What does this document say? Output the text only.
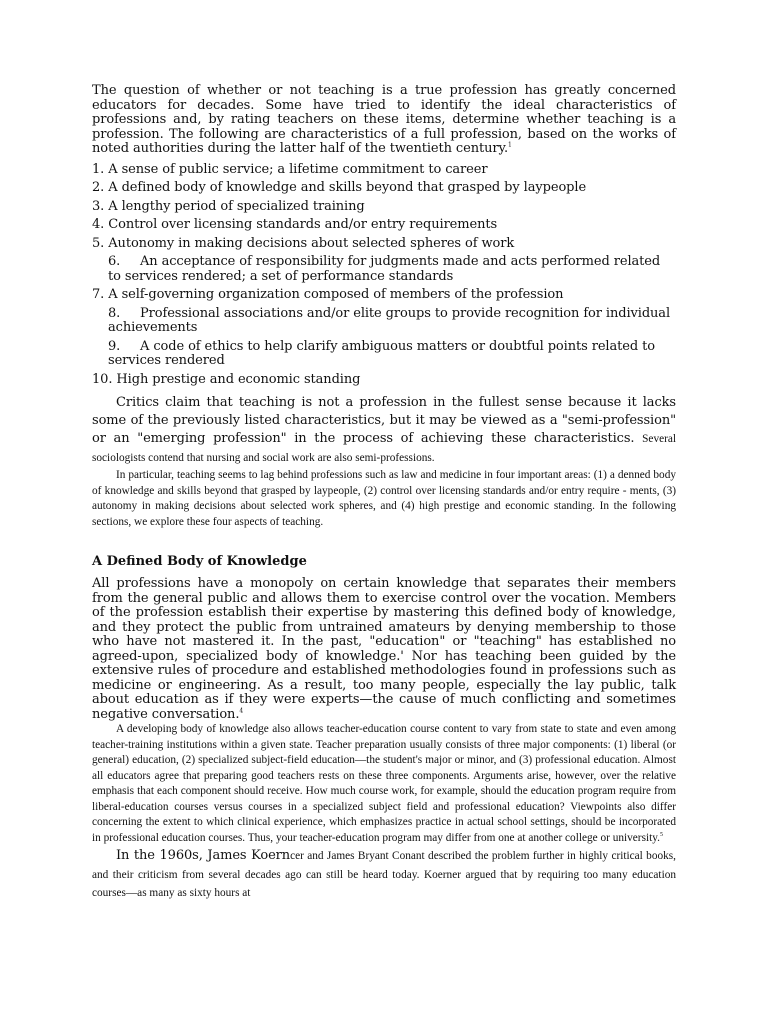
The question of whether or not teaching is a true profession has greatly concerned educators for decades. Some have tried to identify the ideal characteristics of professions and, by rating teachers on these items, determine whether teaching is a profession. The following are characteristics of a full profession, based on the works of noted authorities during the latter half of the twentieth century.$^1$

1. A sense of public service; a lifetime commitment to career
2. A defined body of knowledge and skills beyond that grasped by laypeople
3. A lengthy period of specialized training
4. Control over licensing standards and/or entry requirements
5. Autonomy in making decisions about selected spheres of work
6. An acceptance of responsibility for judgments made and acts performed related to services rendered; a set of performance standards
7. A self-governing organization composed of members of the profession
8. Professional associations and/or elite groups to provide recognition for individual achievements
9. A code of ethics to help clarify ambiguous matters or doubtful points related to services rendered
10. High prestige and economic standing

Critics claim that teaching is not a profession in the fullest sense because it lacks some of the previously listed characteristics, but it may be viewed as a "semi-profession" or an "emerging profession" in the process of achieving these characteristics. Several sociologists contend that nursing and social work are also semi-professions.

In particular, teaching seems to lag behind professions such as law and medicine in four important areas: (1) a denned body of knowledge and skills beyond that grasped by laypeople, (2) control over licensing standards and/or entry require - ments, (3) autonomy in making decisions about selected work spheres, and (4) high prestige and economic standing. In the following sections, we explore these four aspects of teaching.

A Defined Body of Knowledge

All professions have a monopoly on certain knowledge that separates their members from the general public and allows them to exercise control over the vocation. Members of the profession establish their expertise by mastering this defined body of knowledge, and they protect the public from untrained amateurs by denying membership to those who have not mastered it. In the past, "education" or "teaching" has established no agreed-upon, specialized body of knowledge.' Nor has teaching been guided by the extensive rules of procedure and established methodologies found in professions such as medicine or engineering. As a result, too many people, especially the lay public, talk about education as if they were experts—the cause of much conflicting and sometimes negative conversation.$^4$

A developing body of knowledge also allows teacher-education course content to vary from state to state and even among teacher-training institutions within a given state. Teacher preparation usually consists of three major components: (1) liberal (or general) education, (2) specialized subject-field education—the student's major or minor, and (3) professional education. Almost all educators agree that preparing good teachers rests on these three components. Arguments arise, however, over the relative emphasis that each component should receive. How much course work, for example, should the education program require from liberal-education courses versus courses in a specialized subject field and professional education? Viewpoints also differ concerning the extent to which clinical experience, which emphasizes practice in actual school settings, should be incorporated in professional education courses. Thus, your teacher-education program may differ from one at another college or university.$^5$

In the 1960s, James Koerncer and James Bryant Conant described the problem further in highly critical books, and their criticism from several decades ago can still be heard today. Koerner argued that by requiring too many education courses—as many as sixty hours at
